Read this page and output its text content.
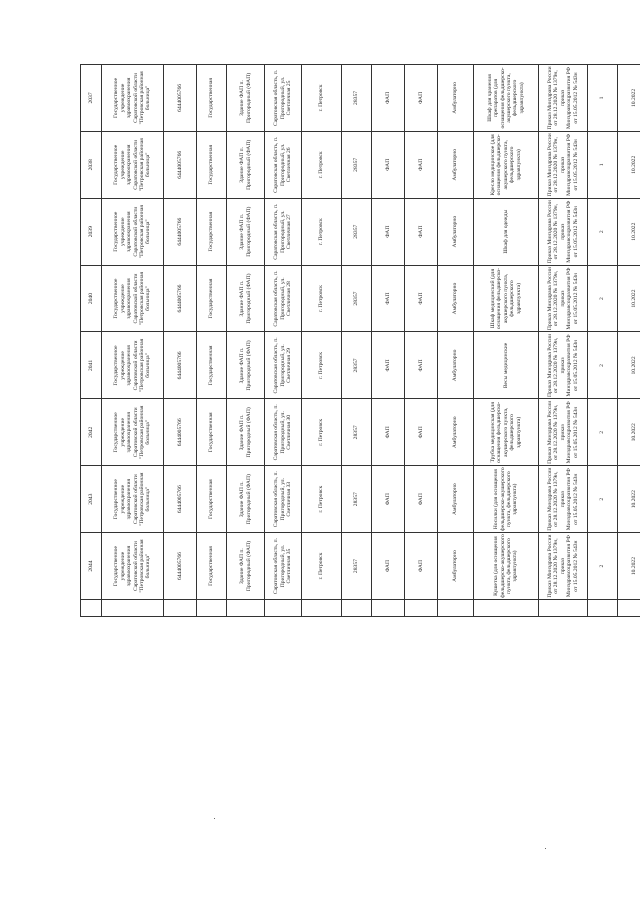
	2044	2043	2042	2041	2040	2039	2038	2037
	Государственное учреждение здравоохранения Саратовской области "Петровская районная больница"	Государственное учреждение здравоохранения Саратовской области "Петровская районная больница"	Государственное учреждение здравоохранения Саратовской области "Петровская районная больница"	Государственное учреждение здравоохранения Саратовской области "Петровская районная больница"	Государственное учреждение здравоохранения Саратовской области "Петровская районная больница"	Государственное учреждение здравоохранения Саратовской области "Петровская районная больница"	Государственное учреждение здравоохранения Саратовской области "Петровская районная больница"	Государственное учреждение здравоохранения Саратовской области "Петровская районная больница"
	6444005766	6444005766	6444005766	6444005766	6444005766	6444005766	6444005766	6444005766
	Государственная	Государственная	Государственная	Государственная	Государственная	Государственная	Государственная	Государственная
	Здание ФАП п. Пригородный (ФАП)	Здание ФАП п. Пригородный (ФАП)	Здание ФАП п. Пригородный (ФАП)	Здание ФАП п. Пригородный (ФАП)	Здание ФАП п. Пригородный (ФАП)	Здание ФАП п. Пригородный (ФАП)	Здание ФАП п. Пригородный (ФАП)	Здание ФАП п. Пригородный (ФАП)
	Саратовская область, п. Пригородный, ул. Светличная 35	Саратовская область, п. Пригородный, ул. Светличная 33	Саратовская область, п. Пригородный, ул. Светличная 30	Саратовская область, п. Пригородный, ул. Светличная 29	Саратовская область, п. Пригородный, ул. Светличная 28	Саратовская область, п. Пригородный, ул. Светличная 27	Саратовская область, п. Пригородный, ул. Светличная 26	Саратовская область, п. Пригородный, ул. Светличная 25
	г. Петровск	г. Петровск	г. Петровск	г. Петровск	г. Петровск	г. Петровск	г. Петровск	г. Петровск
	28357	28357	28357	28357	28357	28357	28357	28357
	ФАП	ФАП	ФАП	ФАП	ФАП	ФАП	ФАП	ФАП
	ФАП	ФАП	ФАП	ФАП	ФАП	ФАП	ФАП	ФАП
	Амбулаторно	Амбулаторно	Амбулаторно	Амбулаторно	Амбулаторно	Амбулаторно	Амбулаторно	Амбулаторно
	Кушетка (для оснащения фельдшерско-акушерского пункта, фельдшерского здравпункта)	Носилки (для оснащения фельдшерско-акушерского пункта, фельдшерского здравпункта)	Трубка медицинская (для оснащения фельдшерско-акушерского пункта, фельдшерского здравпункта)	Весы медицинские	Шкаф медицинский (для оснащения фельдшерско-акушерского пункта, фельдшерского здравпункта)	Шкаф для одежды	Кресло медицинское (для оснащения фельдшерско-акушерского пункта, фельдшерского здравпункта)	Шкаф для хранения препаратов (для оснащения фельдшерско-акушерского пункта, фельдшерского здравпункта)
	Приказ Минздрава России от 28.12.2020 № 1379н, приказ Минздравсоцразвития РФ от 15.05.2012 № 543н	Приказ Минздрава России от 28.12.2020 № 1379н, приказ Минздравсоцразвития РФ от 15.05.2012 № 543н	Приказ Минздрава России от 28.12.2020 № 1379н, приказ Минздравсоцразвития РФ от 15.05.2012 № 543н	Приказ Минздрава России от 28.12.2020 № 1379н, приказ Минздравсоцразвития РФ от 15.05.2012 № 543н	Приказ Минздрава России от 28.12.2020 № 1379н, приказ Минздравсоцразвития РФ от 15.05.2012 № 543н	Приказ Минздрава России от 28.12.2020 № 1379н, приказ Минздравсоцразвития РФ от 15.05.2012 № 543н	Приказ Минздрава России от 28.12.2020 № 1379н, приказ Минздравсоцразвития РФ от 15.05.2012 № 543н	Приказ Минздрава России от 28.12.2020 № 1379н, приказ Минздравсоцразвития РФ от 15.05.2012 № 543н
	2	2	2	2	2	2	1	1
	10.2022	10.2022	10.2022	10.2022	10.2022	10.2022	10.2022	10.2022
